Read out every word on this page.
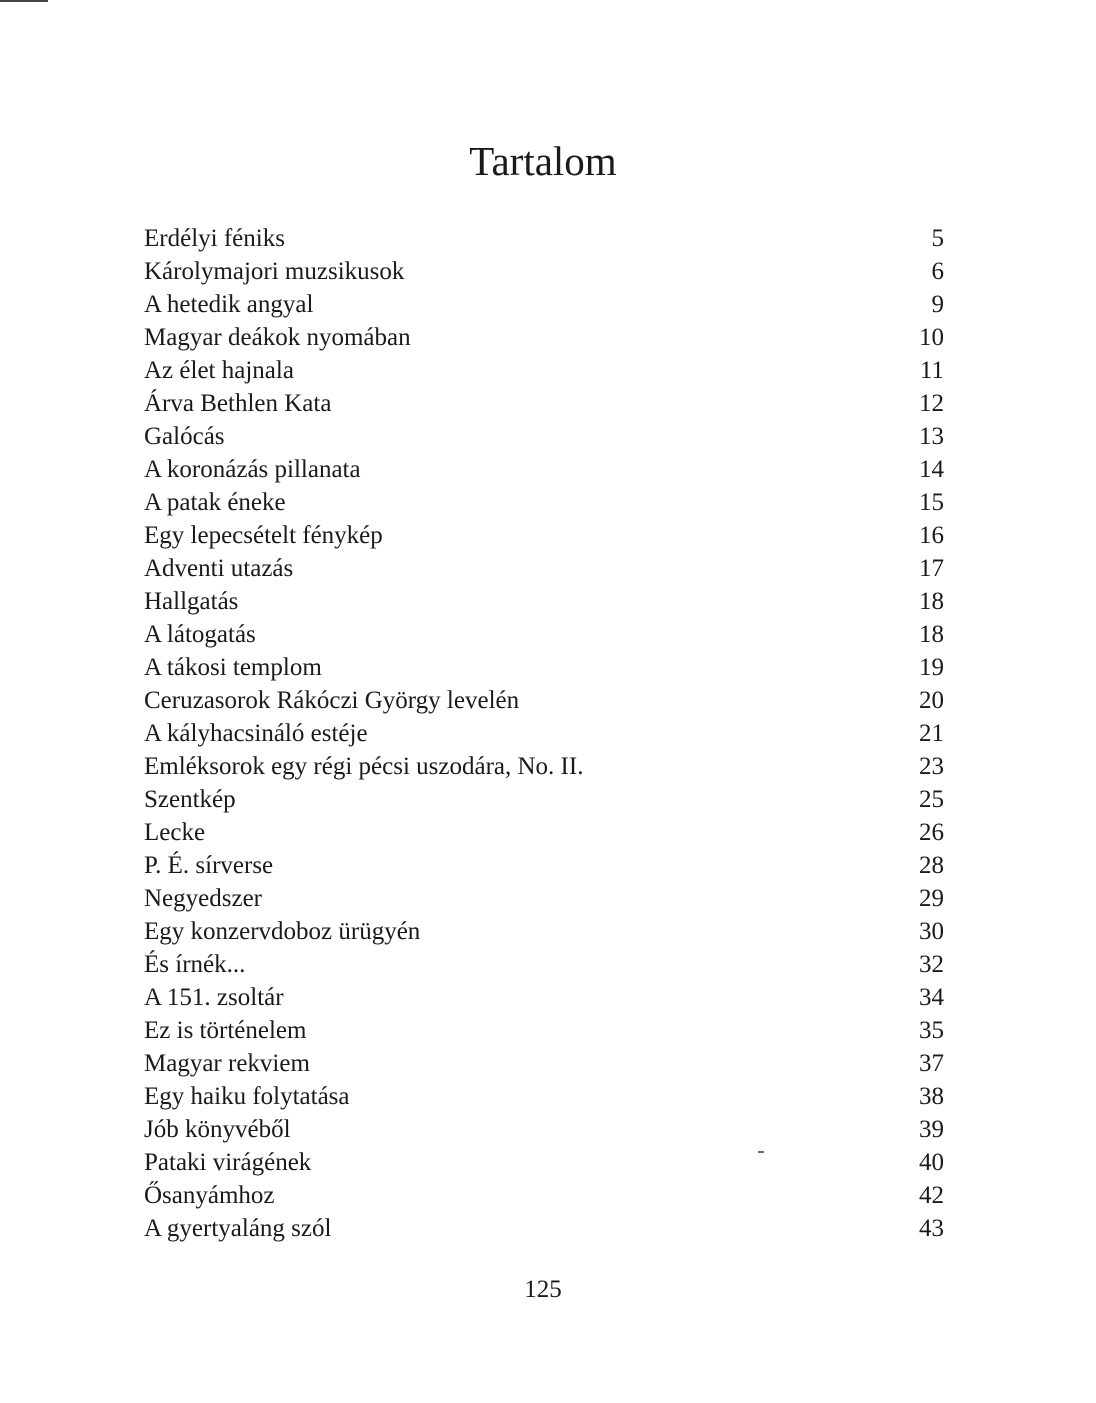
Tartalom
Erdélyi féniks	5
Károlymajori muzsikusok	6
A hetedik angyal	9
Magyar deákok nyomában	10
Az élet hajnala	11
Árva Bethlen Kata	12
Galócás	13
A koronázás pillanata	14
A patak éneke	15
Egy lepecsételt fénykép	16
Adventi utazás	17
Hallgatás	18
A látogatás	18
A tákosi templom	19
Ceruzasorok Rákóczi György levelén	20
A kályhacsináló estéje	21
Emléksorok egy régi pécsi uszodára, No. II.	23
Szentkép	25
Lecke	26
P. É. sírverse	28
Negyedszer	29
Egy konzervdoboz ürügyén	30
És írnék...	32
A 151. zsoltár	34
Ez is történelem	35
Magyar rekviem	37
Egy haiku folytatása	38
Jób könyvéből	39
Pataki virágének	40
Ősanyámhoz	42
A gyertyaláng szól	43
125
